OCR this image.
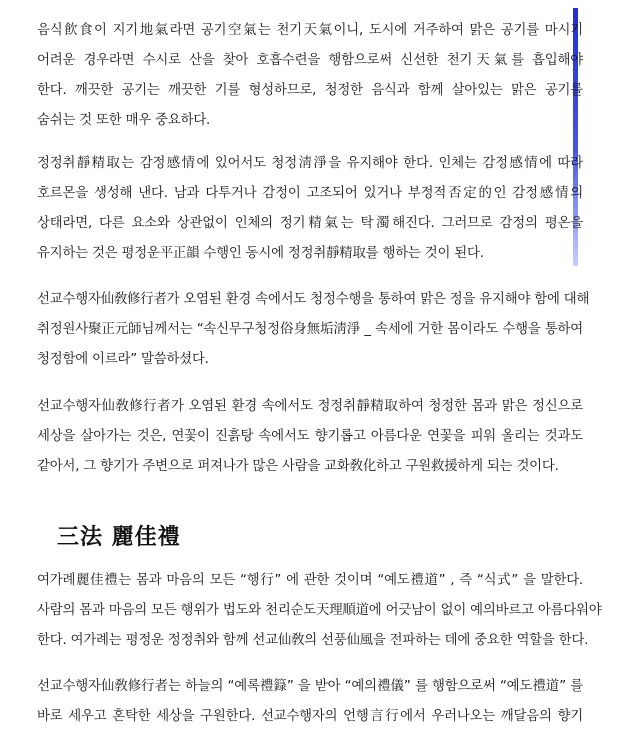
음식飮食이 지기地氣라면 공기空氣는 천기天氣이니, 도시에 거주하여 맑은 공기를 마시기
어려운 경우라면 수시로 산을 찾아 호흡수련을 행함으로써 신선한 천기天氣를 흡입해야
한다. 깨끗한 공기는 깨끗한 기를 형성하므로, 청정한 음식과 함께 살아있는 맑은 공기를
숨쉬는 것 또한 매우 중요하다.
정정취靜精取는 감정感情에 있어서도 청정淸淨을 유지해야 한다. 인체는 감정感情에 따라
호르몬을 생성해 낸다. 남과 다투거나 감정이 고조되어 있거나 부정적否定的인 감정感情의
상태라면, 다른 요소와 상관없이 인체의 정기精氣는 탁濁해진다. 그러므로 감정의 평온을
유지하는 것은 평정운平正韻 수행인 동시에 정정취靜精取를 행하는 것이 된다.
선교수행자仙敎修行者가 오염된 환경 속에서도 청정수행을 통하여 맑은 정을 유지해야 함에 대해
취정원사聚正元師님께서는 “속신무구청정俗身無垢淸淨 _ 속세에 거한 몸이라도 수행을 통하여
청정함에 이르라” 말씀하셨다.
선교수행자仙敎修行者가 오염된 환경 속에서도 정정취靜精取하여 청정한 몸과 맑은 정신으로
세상을 살아가는 것은, 연꽃이 진흙탕 속에서도 향기롭고 아름다운 연꽃을 피워 올리는 것과도
같아서, 그 향기가 주변으로 퍼져나가 많은 사람을 교화敎化하고 구원救援하게 되는 것이다.
三法 麗佳禮
여가례麗佳禮는 몸과 마음의 모든 “행行” 에 관한 것이며 “예도禮道” , 즉 “식式” 을 말한다.
사람의 몸과 마음의 모든 행위가 법도와 천리순도天理順道에 어긋남이 없이 예의바르고 아름다워야
한다. 여가례는 평정운 정정취와 함께 선교仙敎의 선풍仙風을 전파하는 데에 중요한 역할을 한다.
선교수행자仙敎修行者는 하늘의 “예록禮籙” 을 받아 “예의禮儀” 를 행함으로써 “예도禮道” 를
바로 세우고 혼탁한 세상을 구원한다. 선교수행자의 언행言行에서 우러나오는 깨달음의 향기
